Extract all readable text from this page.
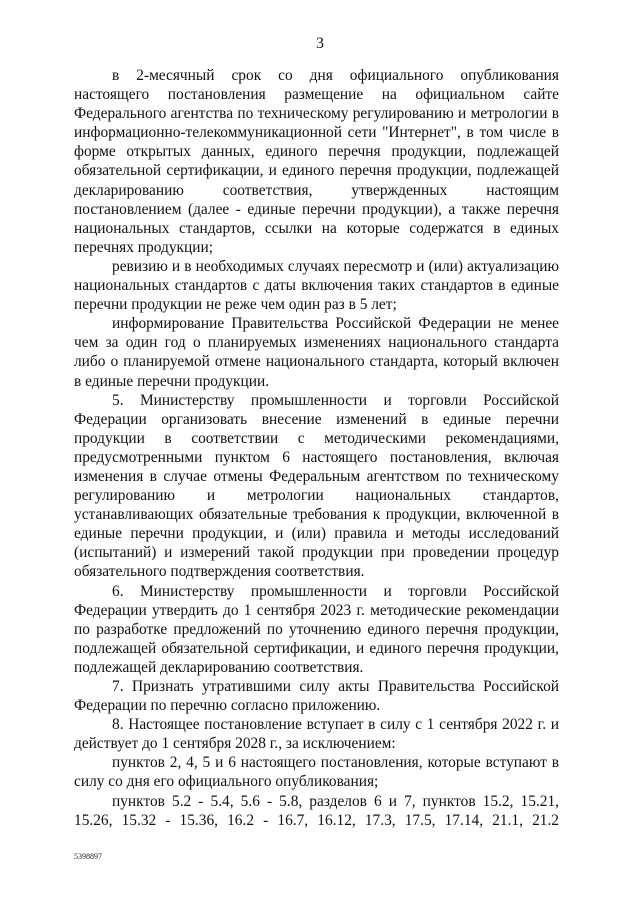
3

в 2-месячный срок со дня официального опубликования настоящего постановления размещение на официальном сайте Федерального агентства по техническому регулированию и метрологии в информационно-телекоммуникационной сети "Интернет", в том числе в форме открытых данных, единого перечня продукции, подлежащей обязательной сертификации, и единого перечня продукции, подлежащей декларированию соответствия, утвержденных настоящим постановлением (далее - единые перечни продукции), а также перечня национальных стандартов, ссылки на которые содержатся в единых перечнях продукции;

ревизию и в необходимых случаях пересмотр и (или) актуализацию национальных стандартов с даты включения таких стандартов в единые перечни продукции не реже чем один раз в 5 лет;

информирование Правительства Российской Федерации не менее чем за один год о планируемых изменениях национального стандарта либо о планируемой отмене национального стандарта, который включен в единые перечни продукции.

5. Министерству промышленности и торговли Российской Федерации организовать внесение изменений в единые перечни продукции в соответствии с методическими рекомендациями, предусмотренными пунктом 6 настоящего постановления, включая изменения в случае отмены Федеральным агентством по техническому регулированию и метрологии национальных стандартов, устанавливающих обязательные требования к продукции, включенной в единые перечни продукции, и (или) правила и методы исследований (испытаний) и измерений такой продукции при проведении процедур обязательного подтверждения соответствия.

6. Министерству промышленности и торговли Российской Федерации утвердить до 1 сентября 2023 г. методические рекомендации по разработке предложений по уточнению единого перечня продукции, подлежащей обязательной сертификации, и единого перечня продукции, подлежащей декларированию соответствия.

7. Признать утратившими силу акты Правительства Российской Федерации по перечню согласно приложению.

8. Настоящее постановление вступает в силу с 1 сентября 2022 г. и действует до 1 сентября 2028 г., за исключением:

пунктов 2, 4, 5 и 6 настоящего постановления, которые вступают в силу со дня его официального опубликования;

пунктов 5.2 - 5.4, 5.6 - 5.8, разделов 6 и 7, пунктов 15.2, 15.21, 15.26, 15.32 - 15.36, 16.2 - 16.7, 16.12, 17.3, 17.5, 17.14, 21.1, 21.2

5398897
